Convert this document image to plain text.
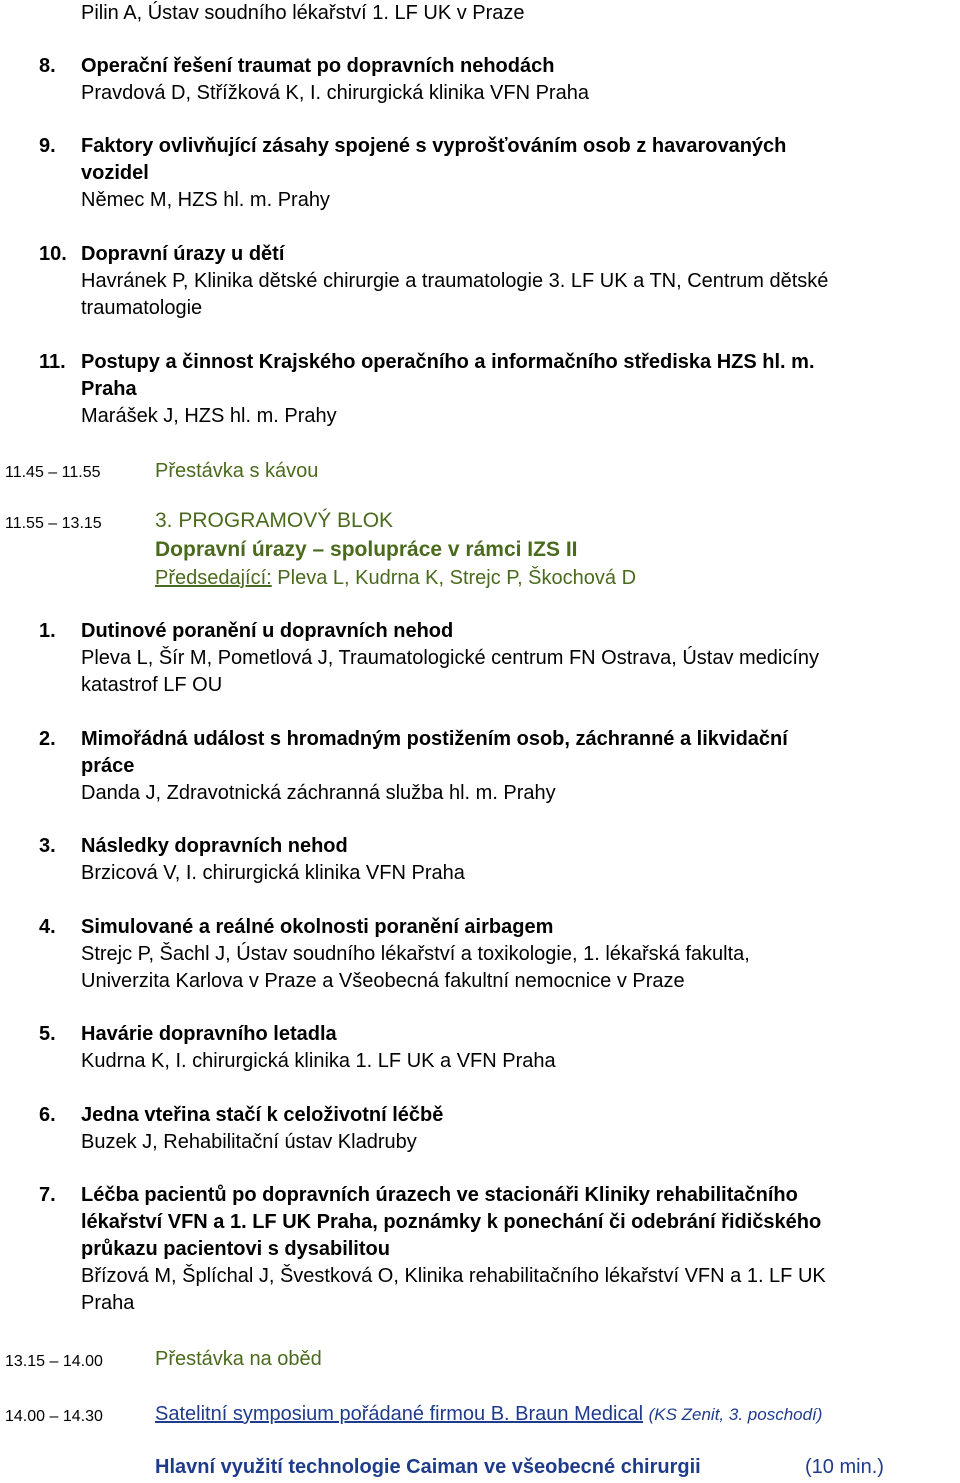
Pilin A, Ústav soudního lékařství 1. LF UK v Praze
8. Operační řešení traumat po dopravních nehodách
Pravdová D, Střížková K, I. chirurgická klinika VFN Praha
9. Faktory ovlivňující zásahy spojené s vyprošťováním osob z havarovaných
vozidel
Němec M, HZS hl. m. Prahy
10. Dopravní úrazy u dětí
Havránek P, Klinika dětské chirurgie a traumatologie 3. LF UK a TN, Centrum dětské
traumatologie
11. Postupy a činnost Krajského operačního a informačního střediska HZS hl. m.
Praha
Marášek J, HZS hl. m. Prahy
11.45 – 11.55	Přestávka s kávou
11.55 – 13.15	3. PROGRAMOVÝ BLOK
Dopravní úrazy – spolupráce v rámci IZS II
Předsedající: Pleva L, Kudrna K, Strejc P, Škochová D
1. Dutinové poranění u dopravních nehod
Pleva L, Šír M, Pometlová J, Traumatologické centrum FN Ostrava, Ústav medicíny
katastrof LF OU
2. Mimořádná událost s hromadným postižením osob, záchranné a likvidační
práce
Danda J, Zdravotnická záchranná služba hl. m. Prahy
3. Následky dopravních nehod
Brzicová V, I. chirurgická klinika VFN Praha
4. Simulované a reálné okolnosti poranění airbagem
Strejc P, Šachl J, Ústav soudního lékařství a toxikologie, 1. lékařská fakulta,
Univerzita Karlova v Praze a Všeobecná fakultní nemocnice v Praze
5. Havárie dopravního letadla
Kudrna K, I. chirurgická klinika 1. LF UK a VFN Praha
6. Jedna vteřina stačí k celoživotní léčbě
Buzek J, Rehabilitační ústav Kladruby
7. Léčba pacientů po dopravních úrazech ve stacionáři Kliniky rehabilitačního
lékařství VFN a 1. LF UK Praha, poznámky k ponechání či odebrání řidičského
průkazu pacientovi s dysabilitou
Břízová M, Šplíchal J, Švestková O, Klinika rehabilitačního lékařství VFN a 1. LF UK
Praha
13.15 – 14.00	Přestávka na oběd
14.00 – 14.30	Satelitní symposium pořádané firmou B. Braun Medical (KS Zenit, 3. poschodí)
Hlavní využití technologie Caiman ve všeobecné chirurgii	(10 min.)
